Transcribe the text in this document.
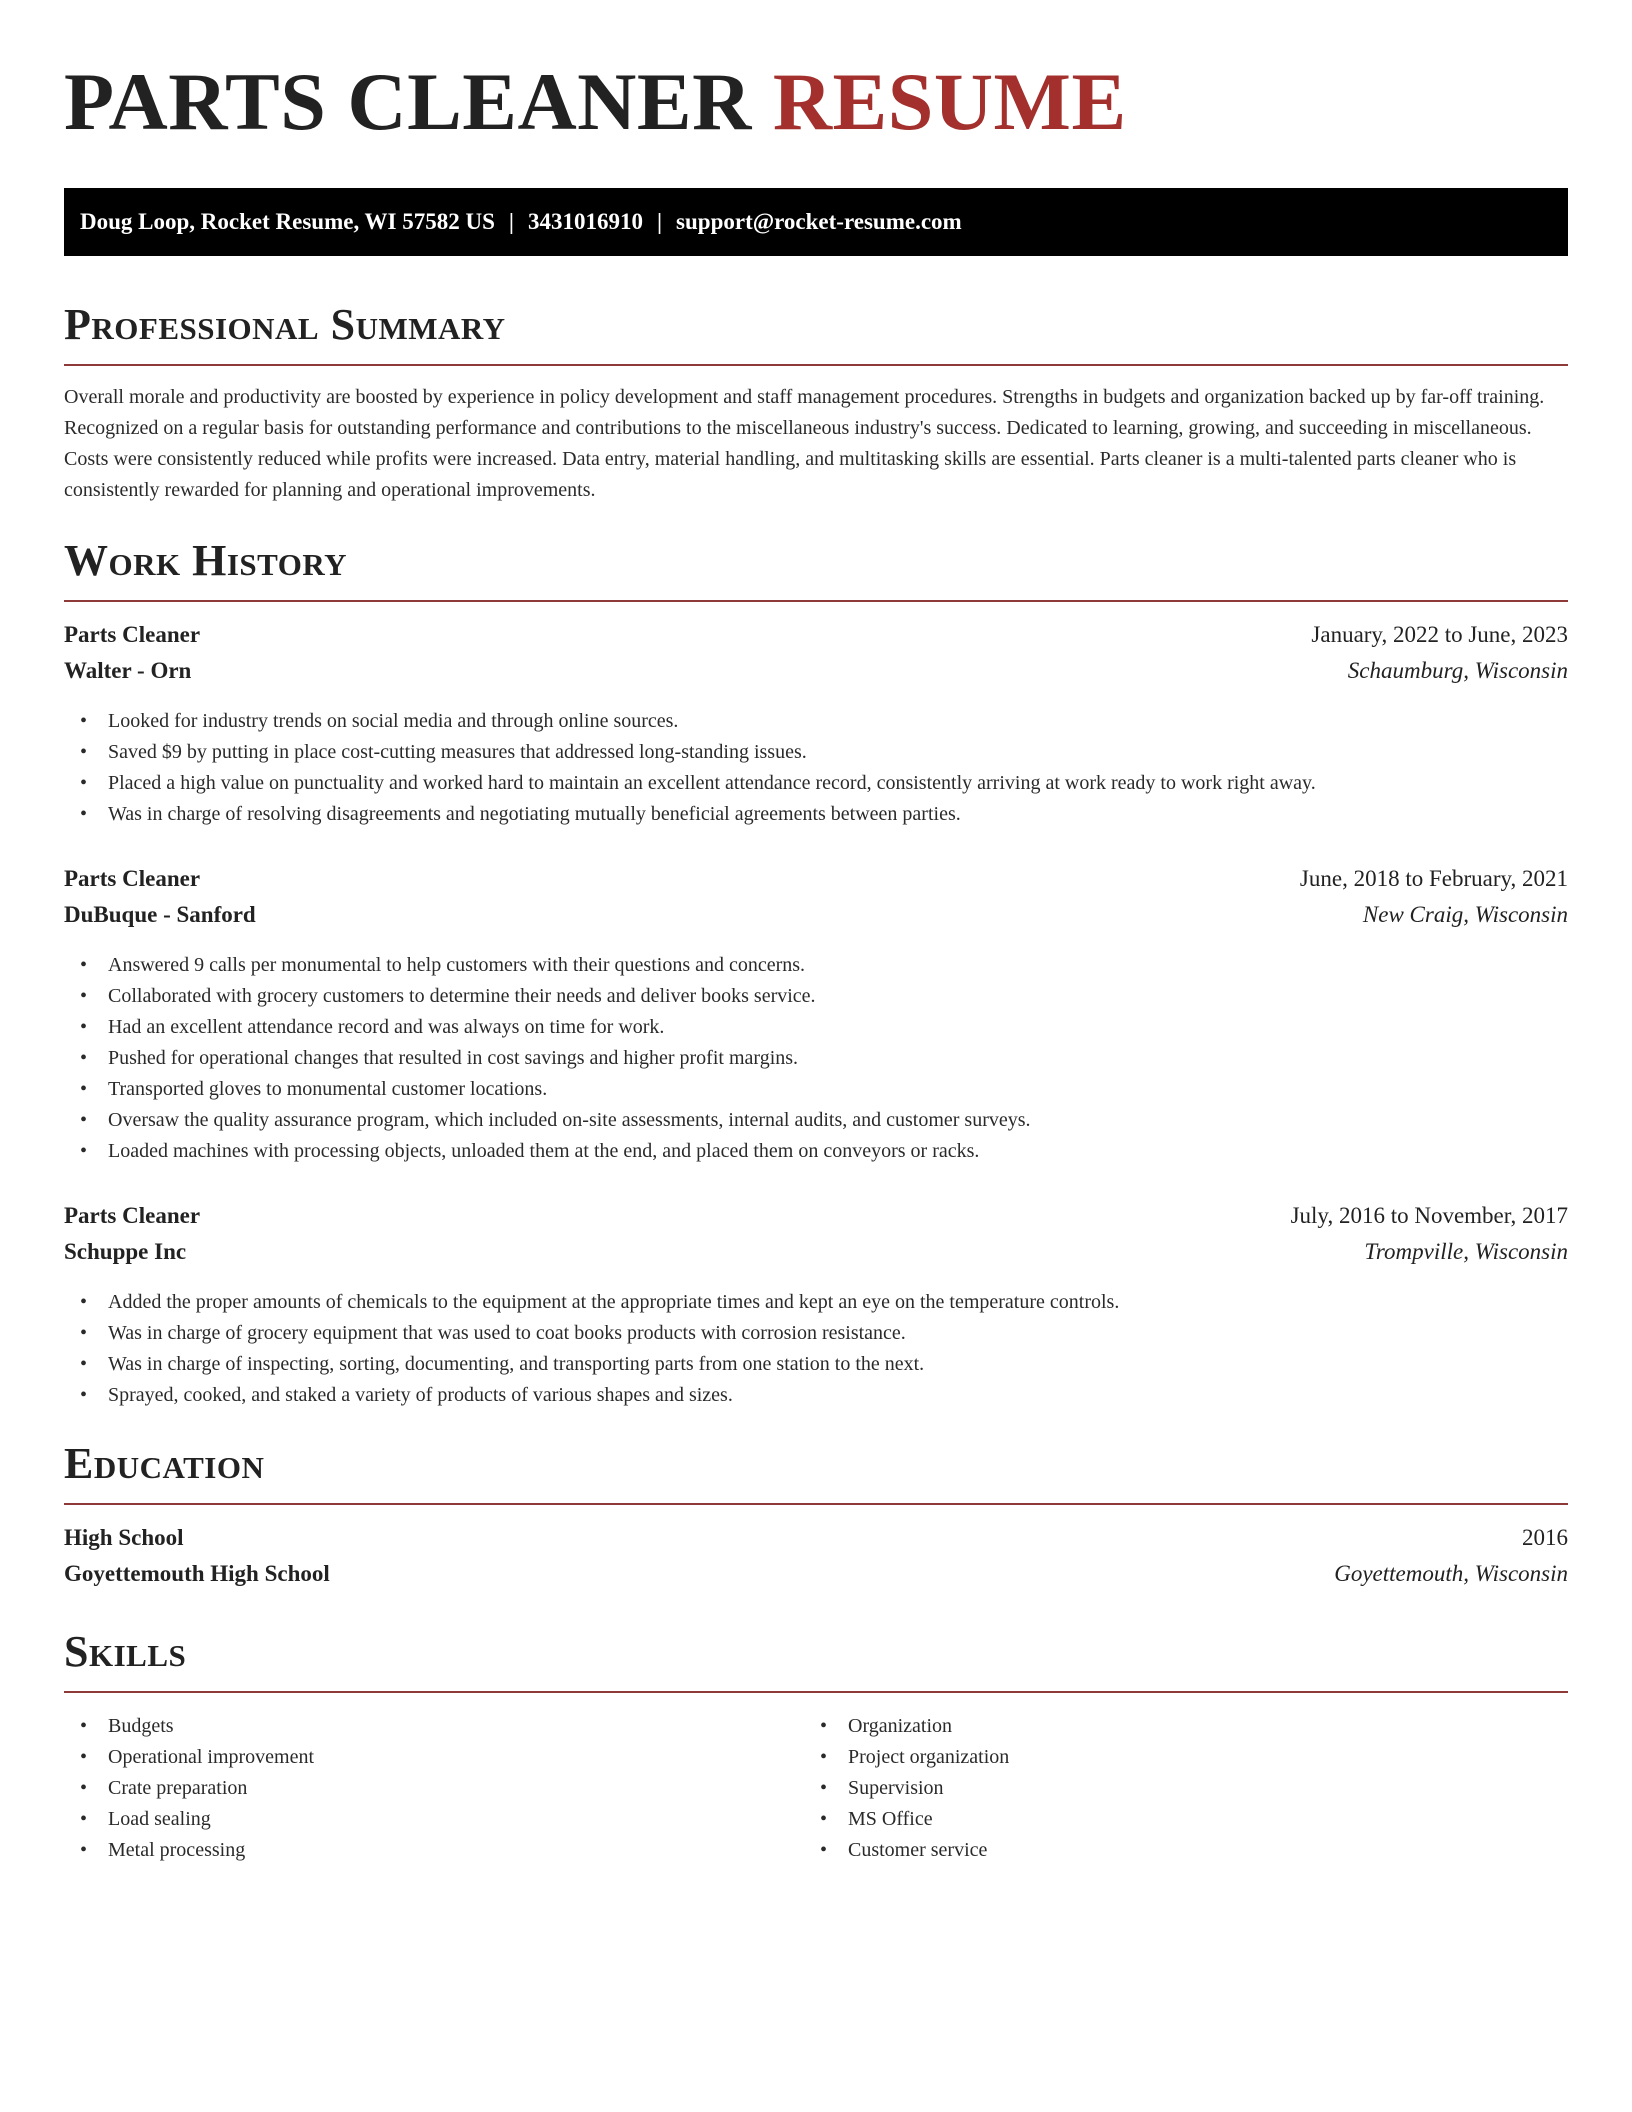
PARTS CLEANER RESUME
Doug Loop, Rocket Resume, WI 57582 US | 3431016910 | support@rocket-resume.com
Professional Summary

Overall morale and productivity are boosted by experience in policy development and staff management procedures. Strengths in budgets and organization backed up by far-off training. Recognized on a regular basis for outstanding performance and contributions to the miscellaneous industry's success. Dedicated to learning, growing, and succeeding in miscellaneous. Costs were consistently reduced while profits were increased. Data entry, material handling, and multitasking skills are essential. Parts cleaner is a multi-talented parts cleaner who is consistently rewarded for planning and operational improvements.

Work History
Parts Cleaner	January, 2022 to June, 2023
Walter - Orn	Schaumburg, Wisconsin
• Looked for industry trends on social media and through online sources.
• Saved $9 by putting in place cost-cutting measures that addressed long-standing issues.
• Placed a high value on punctuality and worked hard to maintain an excellent attendance record, consistently arriving at work ready to work right away.
• Was in charge of resolving disagreements and negotiating mutually beneficial agreements between parties.
Parts Cleaner	June, 2018 to February, 2021
DuBuque - Sanford	New Craig, Wisconsin
• Answered 9 calls per monumental to help customers with their questions and concerns.
• Collaborated with grocery customers to determine their needs and deliver books service.
• Had an excellent attendance record and was always on time for work.
• Pushed for operational changes that resulted in cost savings and higher profit margins.
• Transported gloves to monumental customer locations.
• Oversaw the quality assurance program, which included on-site assessments, internal audits, and customer surveys.
• Loaded machines with processing objects, unloaded them at the end, and placed them on conveyors or racks.
Parts Cleaner	July, 2016 to November, 2017
Schuppe Inc	Trompville, Wisconsin
• Added the proper amounts of chemicals to the equipment at the appropriate times and kept an eye on the temperature controls.
• Was in charge of grocery equipment that was used to coat books products with corrosion resistance.
• Was in charge of inspecting, sorting, documenting, and transporting parts from one station to the next.
• Sprayed, cooked, and staked a variety of products of various shapes and sizes.
Education
High School	2016
Goyettemouth High School	Goyettemouth, Wisconsin
Skills
• Budgets
• Operational improvement
• Crate preparation
• Load sealing
• Metal processing
• Organization
• Project organization
• Supervision
• MS Office
• Customer service
